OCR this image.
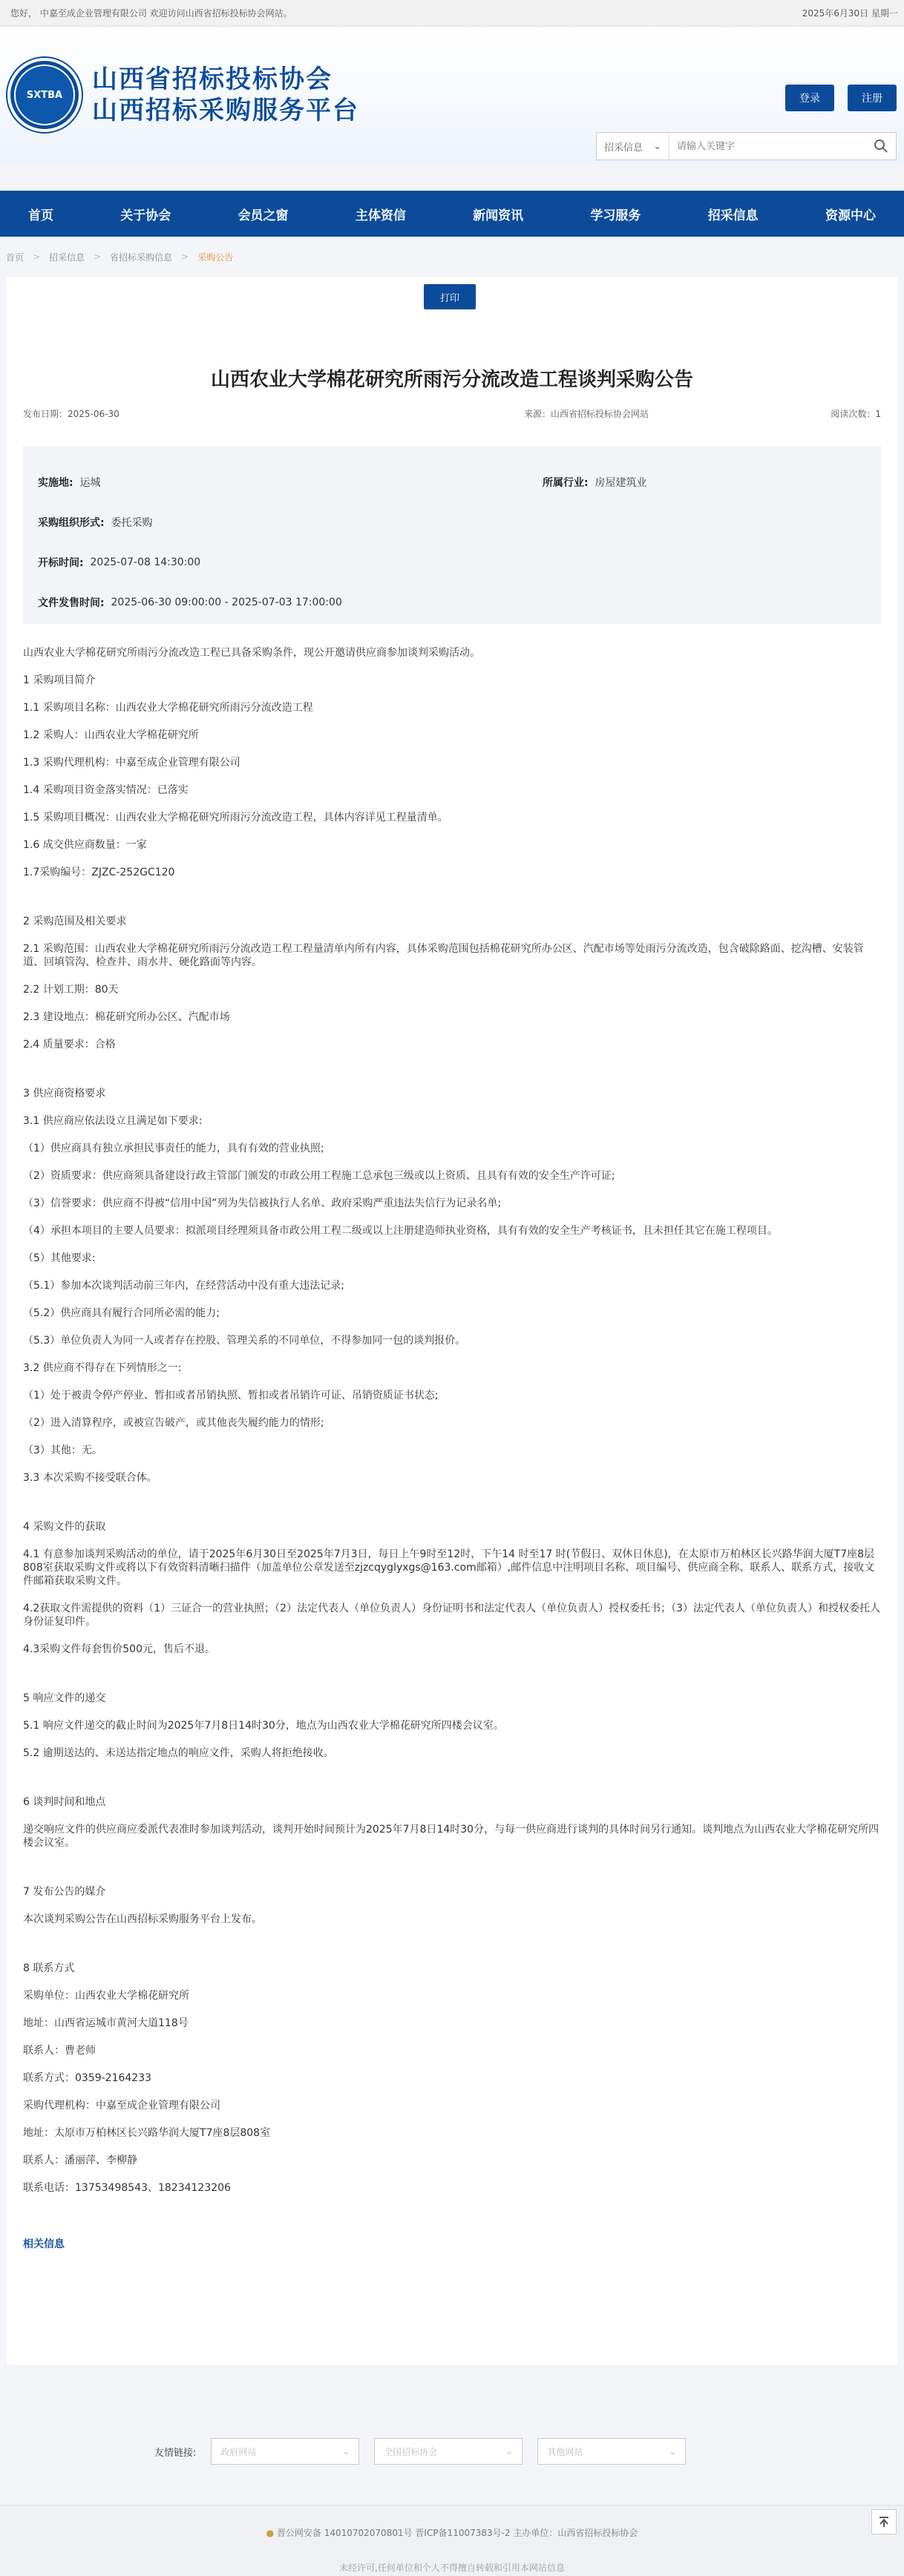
您好， 中嘉至成企业管理有限公司 欢迎访问山西省招标投标协会网站。	2025年6月30日 星期一
SXTBA
山西省招标投标协会
山西招标采购服务平台	登录	注册
招采信息 ⌄
请输入关键字
首页	关于协会	会员之窗	主体资信	新闻资讯	学习服务	招采信息	资源中心
首页 > 招采信息 > 省招标采购信息 > 采购公告
打印
山西农业大学棉花研究所雨污分流改造工程谈判采购公告
发布日期：2025-06-30	来源：山西省招标投标协会网站	阅读次数：1
实施地: 运城	所属行业: 房屋建筑业
采购组织形式:
委托采购
开标时间:
2025-07-08 14:30:00
文件发售时间:
2025-06-30 09:00:00 - 2025-07-03 17:00:00

山西农业大学棉花研究所雨污分流改造工程已具备采购条件，现公开邀请供应商参加谈判采购活动。

1 采购项目简介

1.1 采购项目名称：山西农业大学棉花研究所雨污分流改造工程

1.2 采购人：山西农业大学棉花研究所

1.3 采购代理机构：中嘉至成企业管理有限公司

1.4 采购项目资金落实情况：已落实

1.5 采购项目概况：山西农业大学棉花研究所雨污分流改造工程，具体内容详见工程量清单。

1.6 成交供应商数量：一家

1.7采购编号：ZJZC-252GC120

2 采购范围及相关要求

2.1 采购范围：山西农业大学棉花研究所雨污分流改造工程工程量清单内所有内容，具体采购范围包括棉花研究所办公区、汽配市场等处雨污分流改造，包含破除路面、挖沟槽、安装管道、回填管沟、检查井、雨水井、硬化路面等内容。

2.2 计划工期：80天

2.3 建设地点：棉花研究所办公区、汽配市场

2.4 质量要求：合格

3 供应商资格要求

3.1 供应商应依法设立且满足如下要求:

（1）供应商具有独立承担民事责任的能力，具有有效的营业执照;

（2）资质要求：供应商须具备建设行政主管部门颁发的市政公用工程施工总承包三级或以上资质、且具有有效的安全生产许可证;

（3）信誉要求：供应商不得被“信用中国”列为失信被执行人名单、政府采购严重违法失信行为记录名单;

（4）承担本项目的主要人员要求：拟派项目经理须具备市政公用工程二级或以上注册建造师执业资格，具有有效的安全生产考核证书，且未担任其它在施工程项目。

（5）其他要求:

（5.1）参加本次谈判活动前三年内，在经营活动中没有重大违法记录;

（5.2）供应商具有履行合同所必需的能力;

（5.3）单位负责人为同一人或者存在控股、管理关系的不同单位，不得参加同一包的谈判报价。

3.2 供应商不得存在下列情形之一:

（1）处于被责令停产停业、暂扣或者吊销执照、暂扣或者吊销许可证、吊销资质证书状态;

（2）进入清算程序，或被宣告破产，或其他丧失履约能力的情形;

（3）其他：无。

3.3 本次采购不接受联合体。

4 采购文件的获取

4.1 有意参加谈判采购活动的单位，请于2025年6月30日至2025年7月3日，每日上午9时至12时，下午14 时至17 时(节假日、双休日休息)，在太原市万柏林区长兴路华润大厦T7座8层808室获取采购文件或将以下有效资料清晰扫描件（加盖单位公章发送至zjzcqyglyxgs@163.com邮箱）,邮件信息中注明项目名称、项目编号、供应商全称、联系人、联系方式，接收文件邮箱获取采购文件。

4.2获取文件需提供的资料（1）三证合一的营业执照；（2）法定代表人（单位负责人）身份证明书和法定代表人（单位负责人）授权委托书；（3）法定代表人（单位负责人）和授权委托人身份证复印件。

4.3采购文件每套售价500元，售后不退。

5 响应文件的递交

5.1 响应文件递交的截止时间为2025年7月8日14时30分，地点为山西农业大学棉花研究所四楼会议室。

5.2 逾期送达的、未送达指定地点的响应文件，采购人将拒绝接收。

6 谈判时间和地点

递交响应文件的供应商应委派代表准时参加谈判活动，谈判开始时间预计为2025年7月8日14时30分，与每一供应商进行谈判的具体时间另行通知。谈判地点为山西农业大学棉花研究所四楼会议室。

7 发布公告的媒介

本次谈判采购公告在山西招标采购服务平台上发布。

8 联系方式

采购单位：山西农业大学棉花研究所

地址：山西省运城市黄河大道118号

联系人：曹老师

联系方式：0359-2164233

采购代理机构：中嘉至成企业管理有限公司

地址：太原市万柏林区长兴路华润大厦T7座8层808室

联系人：潘丽萍、李柳静

联系电话：13753498543、18234123206

相关信息
友情链接:	政府网站	⌄	全国招标协会	⌄	其他网站	⌄
● 晋公网安备 14010702070801号 晋ICP备11007383号-2 主办单位：山西省招标投标协会
未经许可,任何单位和个人不得擅自转载和引用本网站信息
